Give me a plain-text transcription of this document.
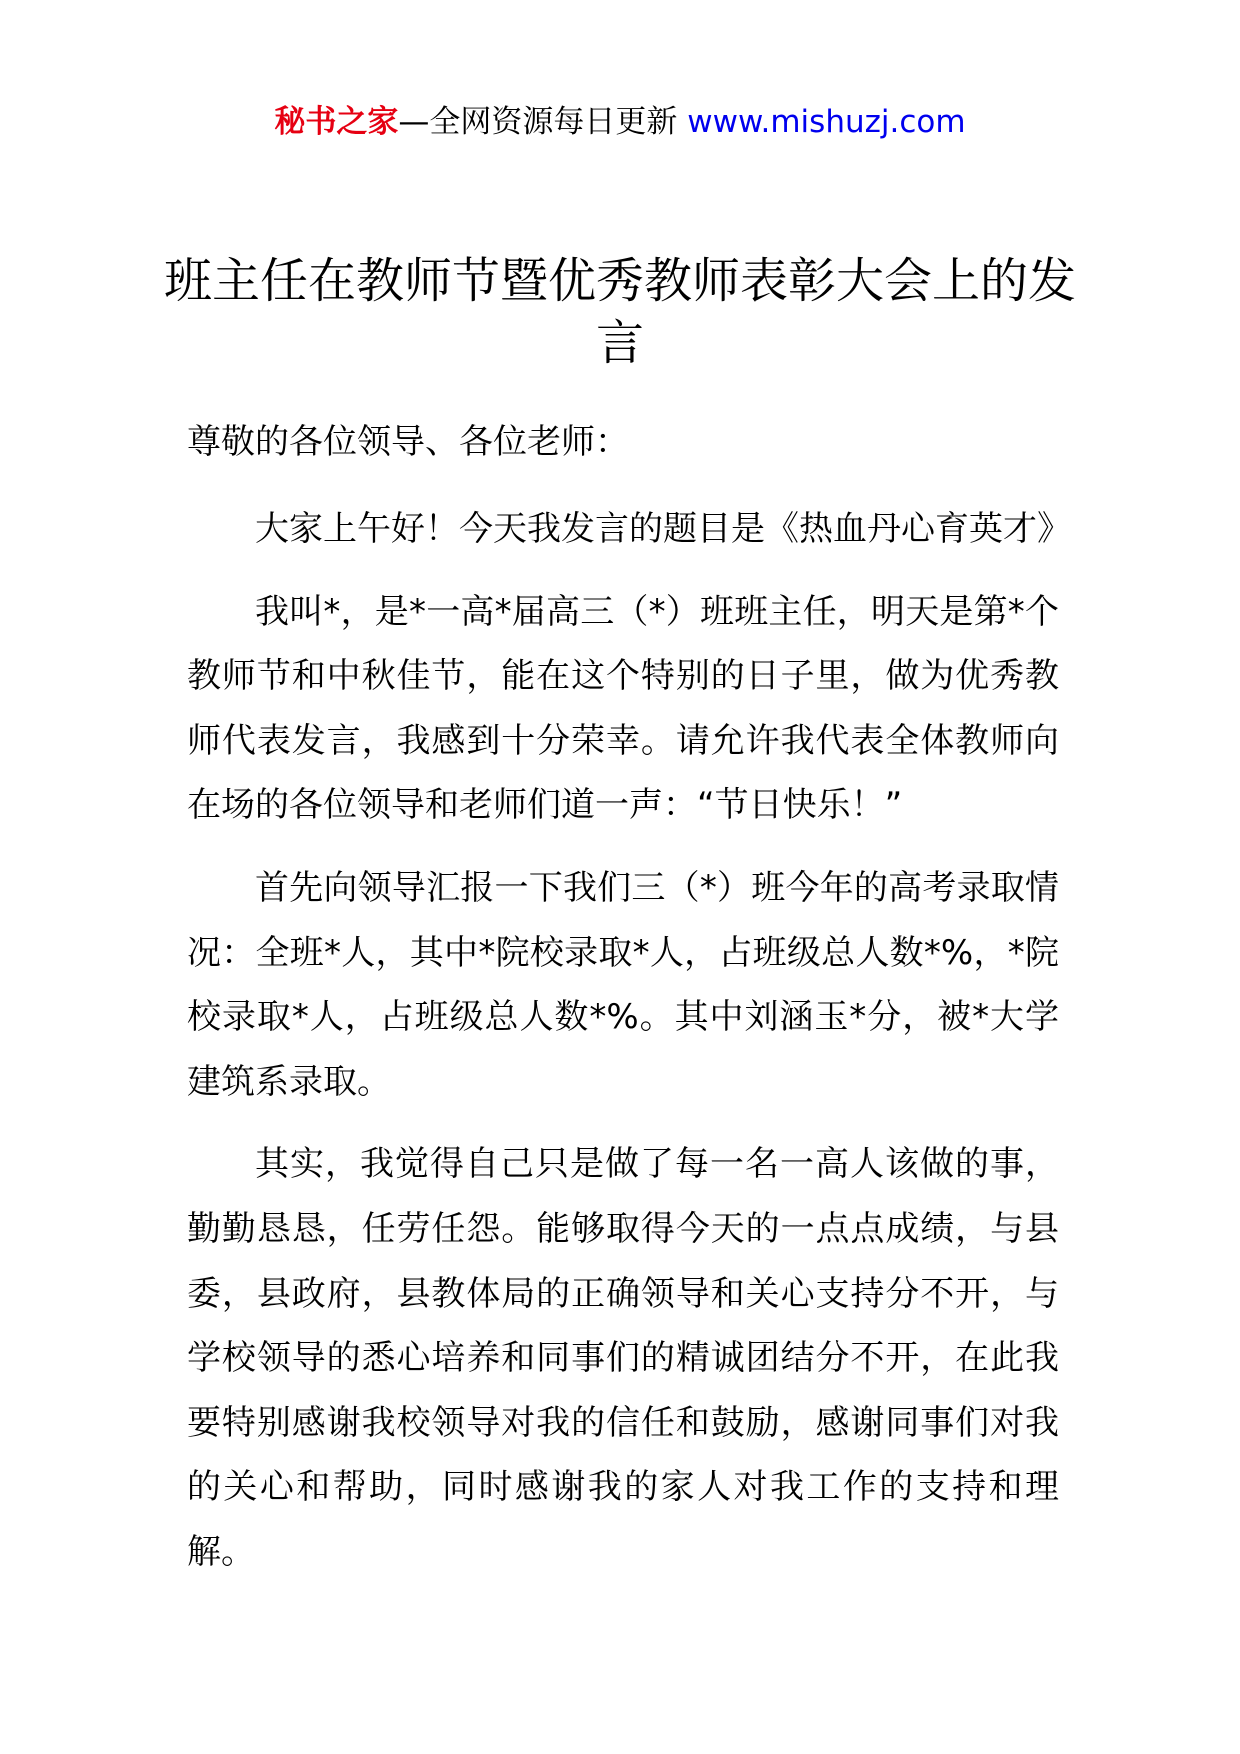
秘书之家—全网资源每日更新 www.mishuzj.com
班主任在教师节暨优秀教师表彰大会上的发言
尊敬的各位领导、各位老师：

大家上午好！今天我发言的题目是《热血丹心育英才》

我叫*，是*一高*届高三（*）班班主任，明天是第*个教师节和中秋佳节，能在这个特别的日子里，做为优秀教师代表发言，我感到十分荣幸。请允许我代表全体教师向在场的各位领导和老师们道一声：“节日快乐！”

首先向领导汇报一下我们三（*）班今年的高考录取情况：全班*人，其中*院校录取*人，占班级总人数*%，*院校录取*人，占班级总人数*%。其中刘涵玉*分，被*大学建筑系录取。

其实，我觉得自己只是做了每一名一高人该做的事，勤勤恳恳，任劳任怨。能够取得今天的一点点成绩，与县委，县政府，县教体局的正确领导和关心支持分不开，与学校领导的悉心培养和同事们的精诚团结分不开，在此我要特别感谢我校领导对我的信任和鼓励，感谢同事们对我的关心和帮助，同时感谢我的家人对我工作的支持和理解。
